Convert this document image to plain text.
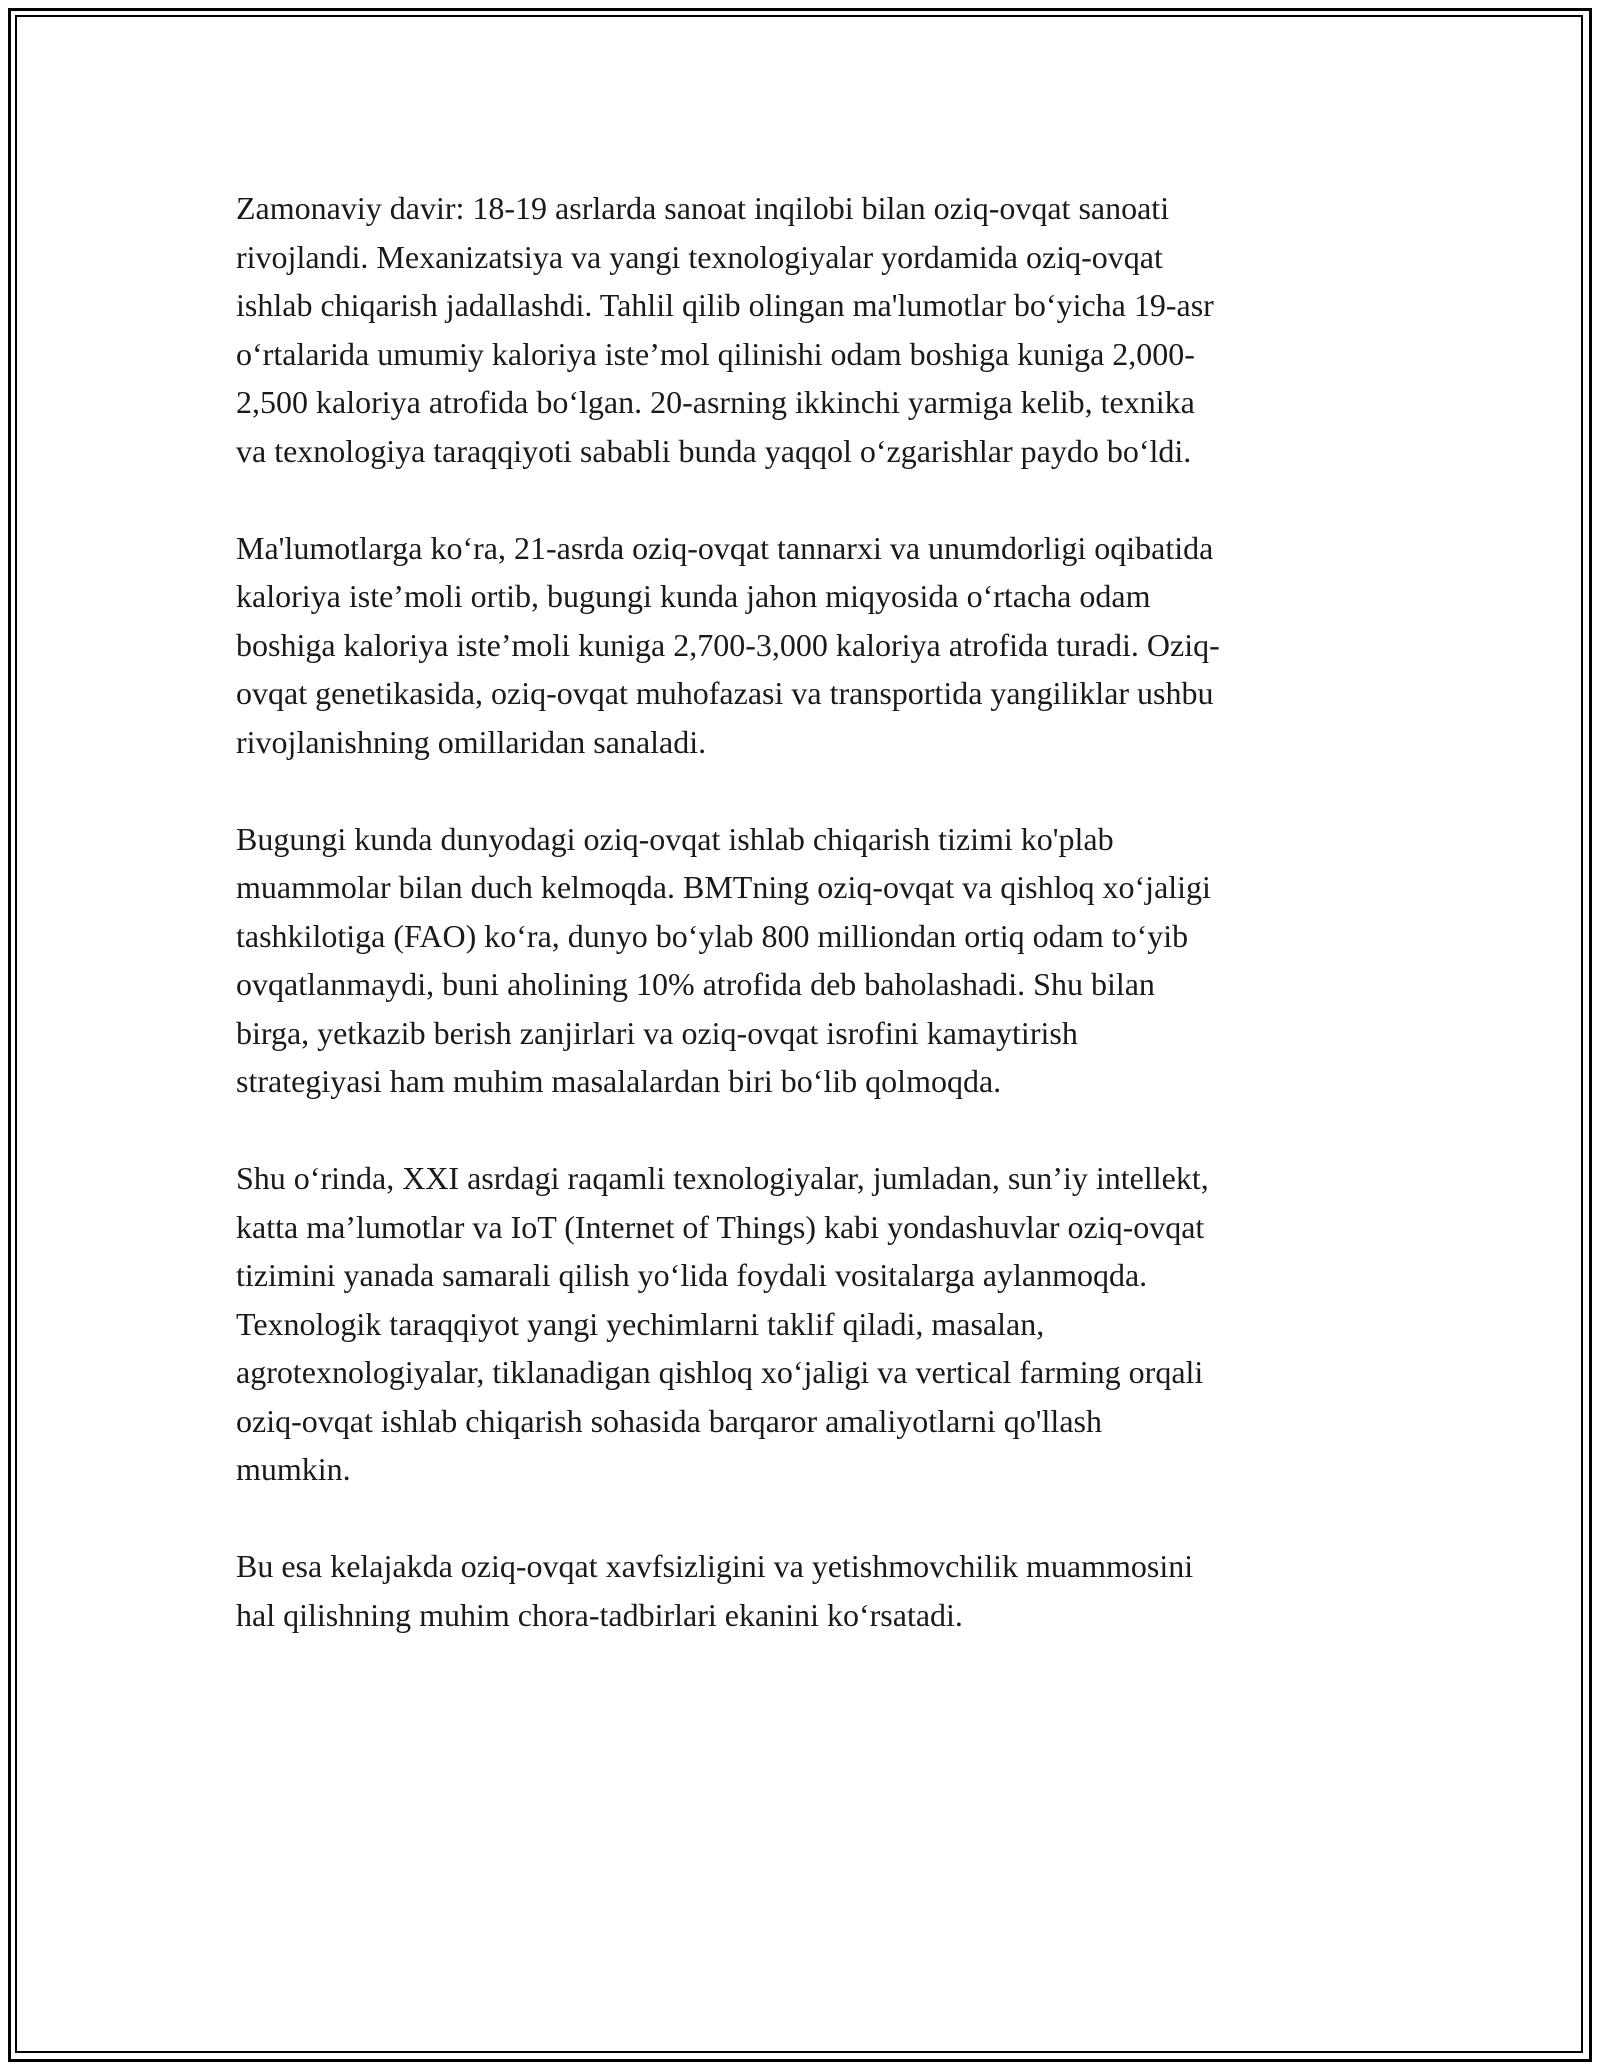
Zamonaviy davir: 18-19 asrlarda sanoat inqilobi bilan oziq-ovqat sanoati
rivojlandi. Mexanizatsiya va yangi texnologiyalar yordamida oziq-ovqat
ishlab chiqarish jadallashdi. Tahlil qilib olingan ma'lumotlar bo‘yicha 19-asr
o‘rtalarida umumiy kaloriya iste’mol qilinishi odam boshiga kuniga 2,000-
2,500 kaloriya atrofida bo‘lgan. 20-asrning ikkinchi yarmiga kelib, texnika
va texnologiya taraqqiyoti sababli bunda yaqqol o‘zgarishlar paydo bo‘ldi.
Ma'lumotlarga ko‘ra, 21-asrda oziq-ovqat tannarxi va unumdorligi oqibatida
kaloriya iste’moli ortib, bugungi kunda jahon miqyosida o‘rtacha odam
boshiga kaloriya iste’moli kuniga 2,700-3,000 kaloriya atrofida turadi. Oziq-
ovqat genetikasida, oziq-ovqat muhofazasi va transportida yangiliklar ushbu
rivojlanishning omillaridan sanaladi.
Bugungi kunda dunyodagi oziq-ovqat ishlab chiqarish tizimi ko'plab
muammolar bilan duch kelmoqda. BMTning oziq-ovqat va qishloq xo‘jaligi
tashkilotiga (FAO) ko‘ra, dunyo bo‘ylab 800 milliondan ortiq odam to‘yib
ovqatlanmaydi, buni aholining 10% atrofida deb baholashadi. Shu bilan
birga, yetkazib berish zanjirlari va oziq-ovqat isrofini kamaytirish
strategiyasi ham muhim masalalardan biri bo‘lib qolmoqda.
Shu o‘rinda, XXI asrdagi raqamli texnologiyalar, jumladan, sun’iy intellekt,
katta ma’lumotlar va IoT (Internet of Things) kabi yondashuvlar oziq-ovqat
tizimini yanada samarali qilish yo‘lida foydali vositalarga aylanmoqda.
Texnologik taraqqiyot yangi yechimlarni taklif qiladi, masalan,
agrotexnologiyalar, tiklanadigan qishloq xo‘jaligi va vertical farming orqali
oziq-ovqat ishlab chiqarish sohasida barqaror amaliyotlarni qo'llash
mumkin.
Bu esa kelajakda oziq-ovqat xavfsizligini va yetishmovchilik muammosini
hal qilishning muhim chora-tadbirlari ekanini ko‘rsatadi.
